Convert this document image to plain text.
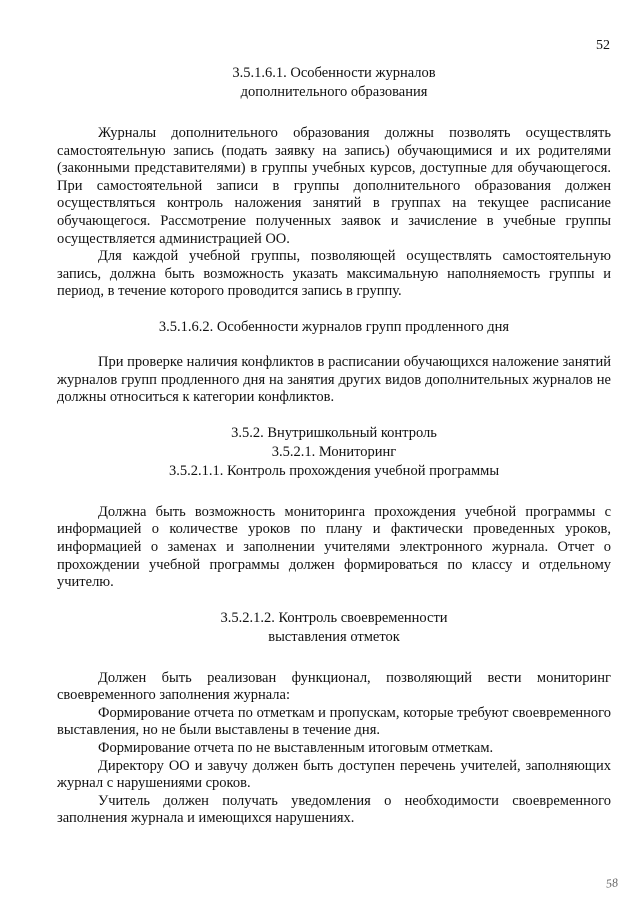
52
3.5.1.6.1. Особенности журналов
дополнительного образования

Журналы дополнительного образования должны позволять осуществлять самостоятельную запись (подать заявку на запись) обучающимися и их родителями (законными представителями) в группы учебных курсов, доступные для обучающегося. При самостоятельной записи в группы дополнительного образования должен осуществляться контроль наложения занятий в группах на текущее расписание обучающегося. Рассмотрение полученных заявок и зачисление в учебные группы осуществляется администрацией ОО.

Для каждой учебной группы, позволяющей осуществлять самостоятельную запись, должна быть возможность указать максимальную наполняемость группы и период, в течение которого проводится запись в группу.

3.5.1.6.2. Особенности журналов групп продленного дня

При проверке наличия конфликтов в расписании обучающихся наложение занятий журналов групп продленного дня на занятия других видов дополнительных журналов не должны относиться к категории конфликтов.

3.5.2. Внутришкольный контроль
3.5.2.1. Мониторинг
3.5.2.1.1. Контроль прохождения учебной программы

Должна быть возможность мониторинга прохождения учебной программы с информацией о количестве уроков по плану и фактически проведенных уроков, информацией о заменах и заполнении учителями электронного журнала. Отчет о прохождении учебной программы должен формироваться по классу и отдельному учителю.

3.5.2.1.2. Контроль своевременности
выставления отметок

Должен быть реализован функционал, позволяющий вести мониторинг своевременного заполнения журнала:

Формирование отчета по отметкам и пропускам, которые требуют своевременного выставления, но не были выставлены в течение дня.

Формирование отчета по не выставленным итоговым отметкам.

Директору ОО и завучу должен быть доступен перечень учителей, заполняющих журнал с нарушениями сроков.

Учитель должен получать уведомления о необходимости своевременного заполнения журнала и имеющихся нарушениях.

58
